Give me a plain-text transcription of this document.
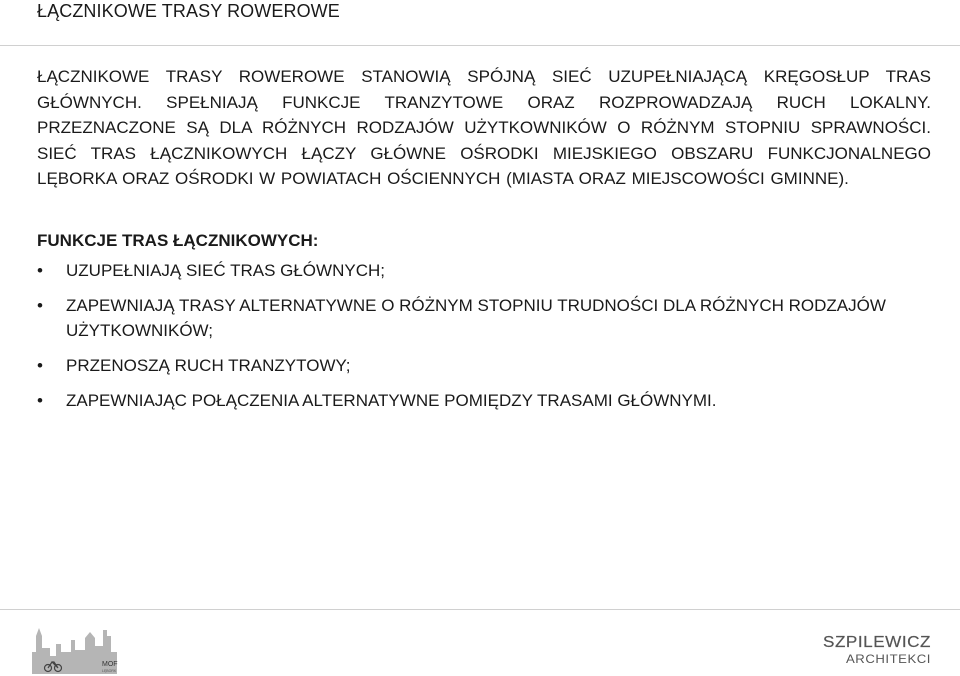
ŁĄCZNIKOWE TRASY ROWEROWE
ŁĄCZNIKOWE TRASY ROWEROWE STANOWIĄ SPÓJNĄ SIEĆ UZUPEŁNIAJĄCĄ KRĘGOSŁUP TRAS GŁÓWNYCH. SPEŁNIAJĄ FUNKCJE TRANZYTOWE ORAZ ROZPROWADZAJĄ RUCH LOKALNY. PRZEZNACZONE SĄ DLA RÓŻNYCH RODZAJÓW UŻYTKOWNIKÓW O RÓŻNYM STOPNIU SPRAWNOŚCI. SIEĆ TRAS ŁĄCZNIKOWYCH ŁĄCZY GŁÓWNE OŚRODKI MIEJSKIEGO OBSZARU FUNKCJONALNEGO LĘBORKA ORAZ OŚRODKI W POWIATACH OŚCIENNYCH (MIASTA ORAZ MIEJSCOWOŚCI GMINNE).
FUNKCJE TRAS ŁĄCZNIKOWYCH:
•	UZUPEŁNIAJĄ SIEĆ TRAS GŁÓWNYCH;
•	ZAPEWNIAJĄ TRASY ALTERNATYWNE O RÓŻNYM STOPNIU TRUDNOŚCI DLA RÓŻNYCH RODZAJÓW UŻYTKOWNIKÓW;
•	PRZENOSZĄ RUCH TRANZYTOWY;
•	ZAPEWNIAJĄC POŁĄCZENIA ALTERNATYWNE POMIĘDZY TRASAMI GŁÓWNYMI.
MOF
LĘBORK
SZPILEWICZ
ARCHITEKCI
